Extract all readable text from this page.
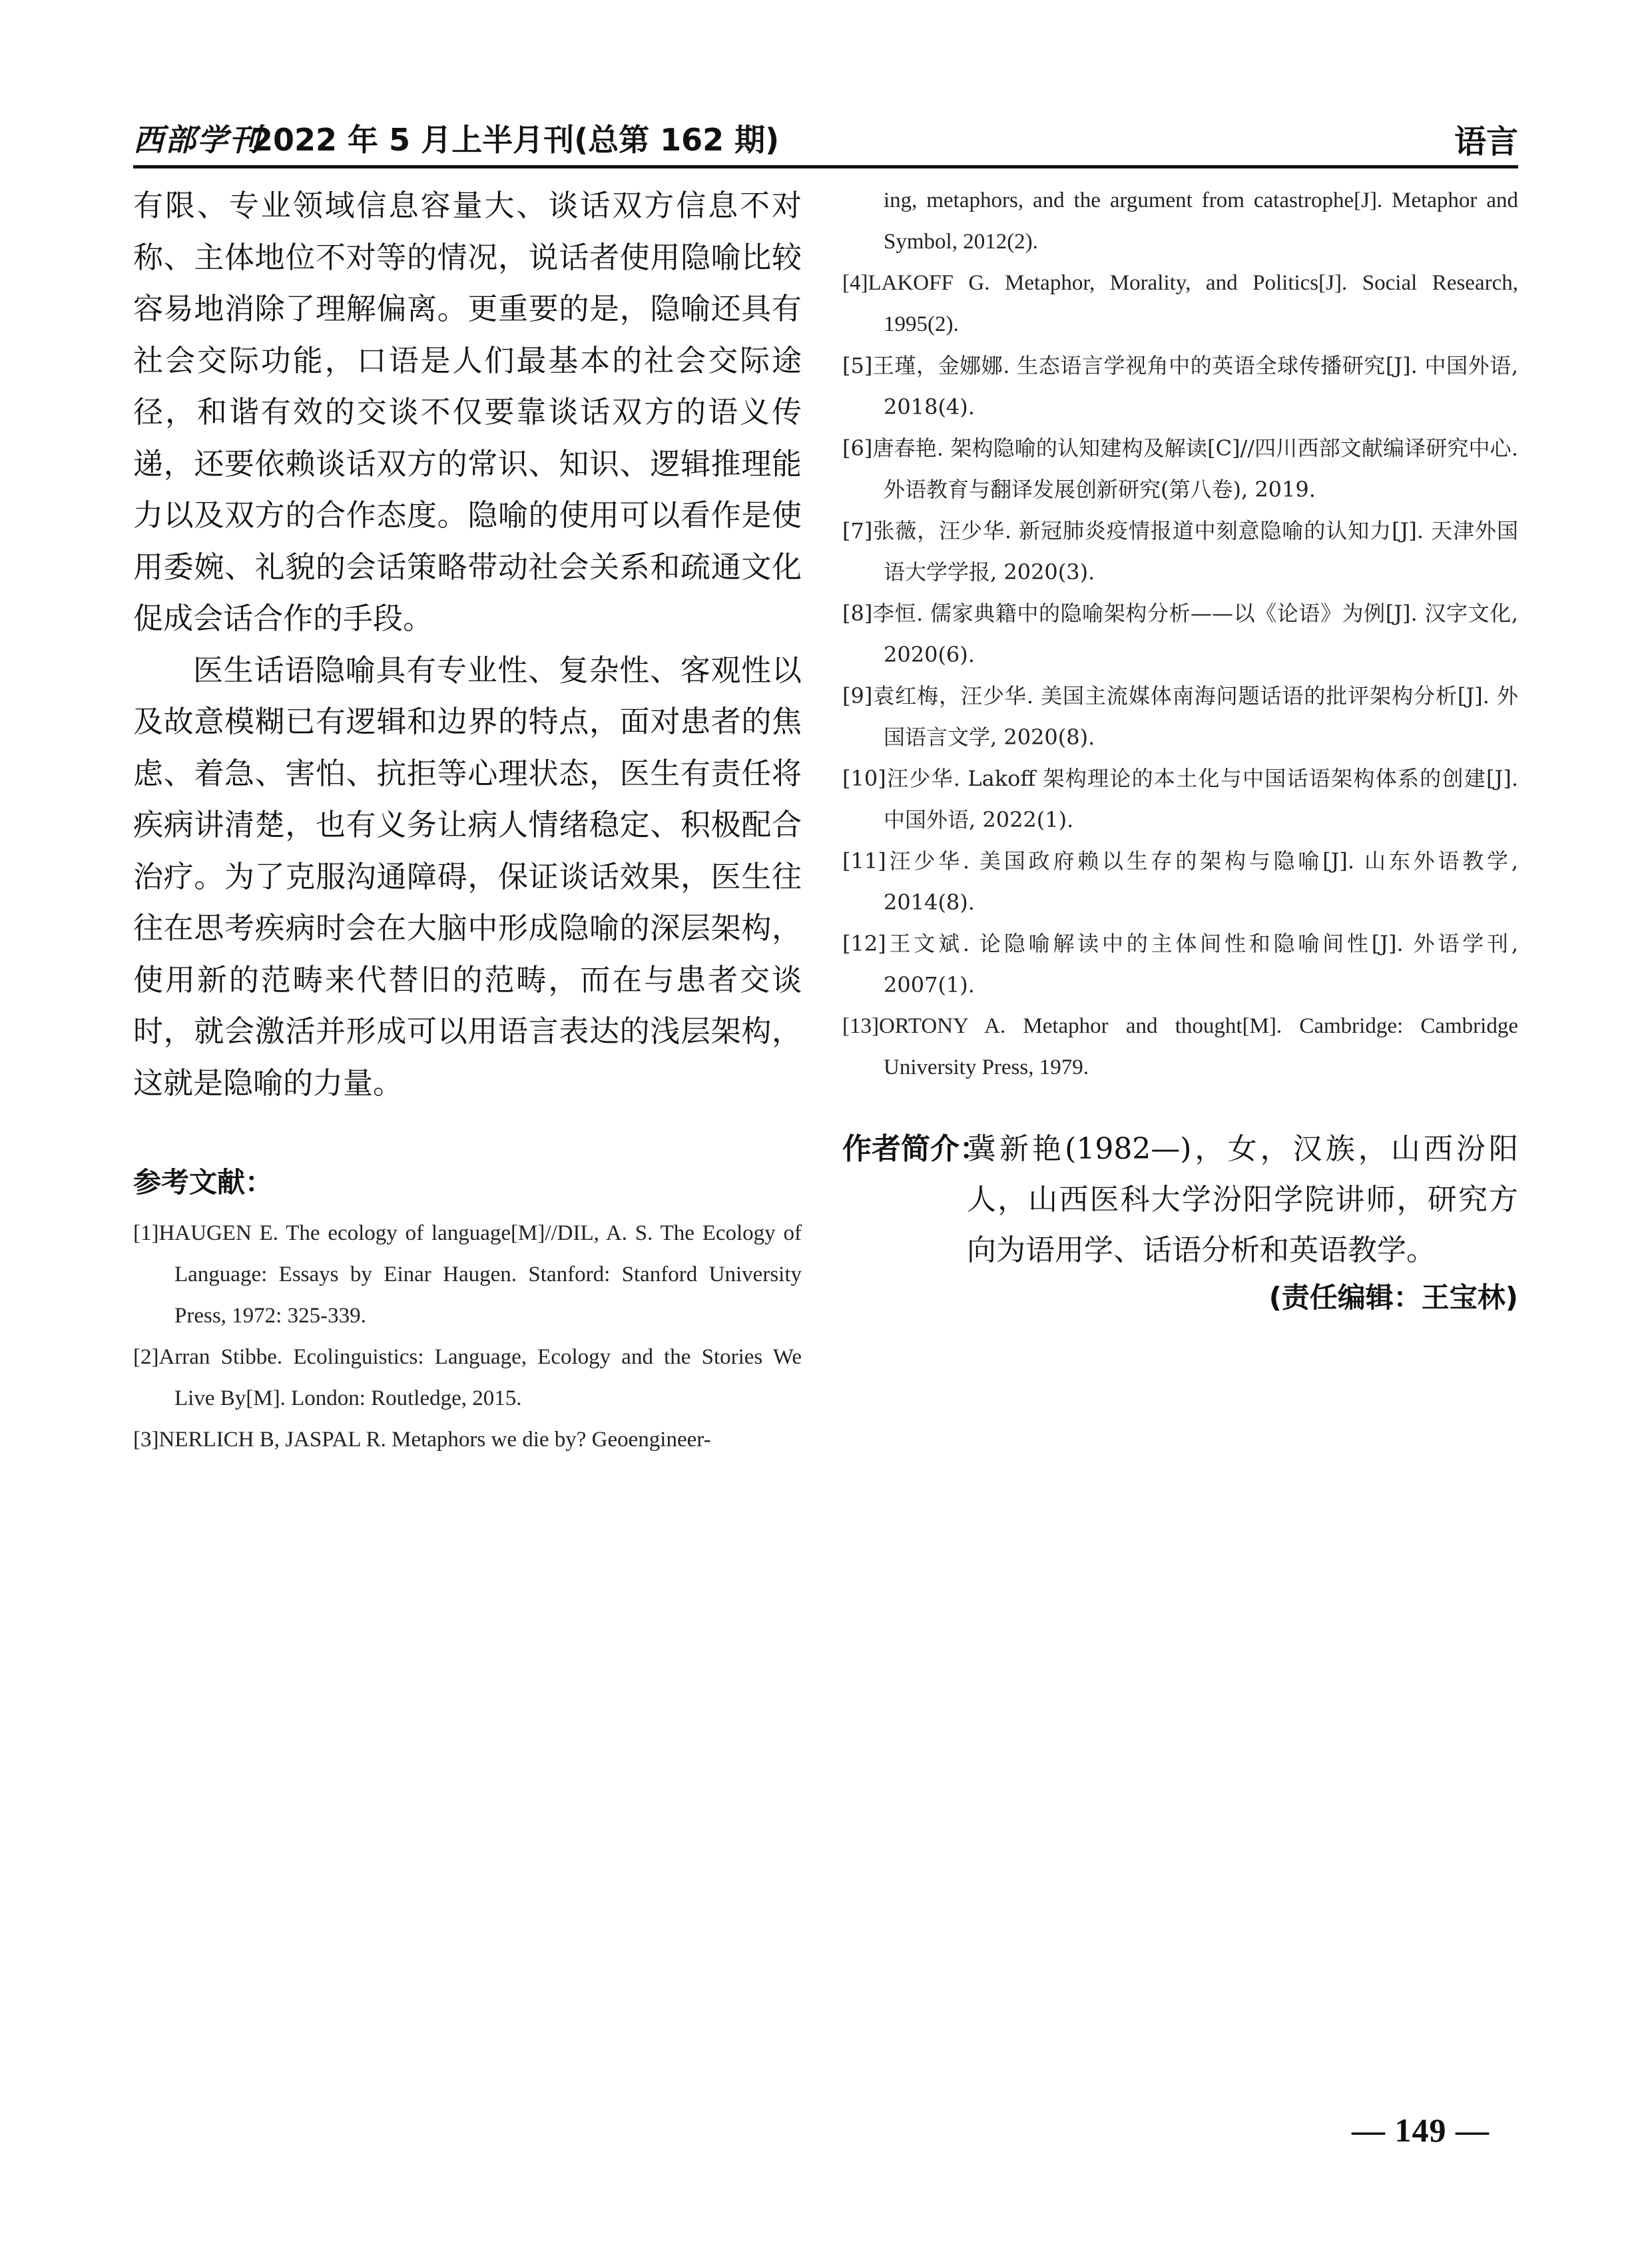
西部学刊
2022 年 5 月上半月刊(总第 162 期)	语言

有限、专业领域信息容量大、谈话双方信息不对称、主体地位不对等的情况，说话者使用隐喻比较容易地消除了理解偏离。更重要的是，隐喻还具有社会交际功能，口语是人们最基本的社会交际途径，和谐有效的交谈不仅要靠谈话双方的语义传递，还要依赖谈话双方的常识、知识、逻辑推理能力以及双方的合作态度。隐喻的使用可以看作是使用委婉、礼貌的会话策略带动社会关系和疏通文化促成会话合作的手段。

医生话语隐喻具有专业性、复杂性、客观性以及故意模糊已有逻辑和边界的特点，面对患者的焦虑、着急、害怕、抗拒等心理状态，医生有责任将疾病讲清楚，也有义务让病人情绪稳定、积极配合治疗。为了克服沟通障碍，保证谈话效果，医生往往在思考疾病时会在大脑中形成隐喻的深层架构，使用新的范畴来代替旧的范畴，而在与患者交谈时，就会激活并形成可以用语言表达的浅层架构，这就是隐喻的力量。

参考文献：

[1]HAUGEN E. The ecology of language[M]//DIL, A. S. The Ecology of Language: Essays by Einar Haugen. Stanford: Stanford University Press, 1972: 325-339.

[2]Arran Stibbe. Ecolinguistics: Language, Ecology and the Stories We Live By[M]. London: Routledge, 2015.

[3]NERLICH B, JASPAL R. Metaphors we die by? Geoengineer-

ing, metaphors, and the argument from catastrophe[J]. Metaphor and Symbol, 2012(2).

[4]LAKOFF G. Metaphor, Morality, and Politics[J]. Social Research, 1995(2).

[5]王瑾，金娜娜. 生态语言学视角中的英语全球传播研究[J]. 中国外语, 2018(4).

[6]唐春艳. 架构隐喻的认知建构及解读[C]//四川西部文献编译研究中心. 外语教育与翻译发展创新研究(第八卷), 2019.

[7]张薇，汪少华. 新冠肺炎疫情报道中刻意隐喻的认知力[J]. 天津外国语大学学报, 2020(3).

[8]李恒. 儒家典籍中的隐喻架构分析——以《论语》为例[J]. 汉字文化, 2020(6).

[9]袁红梅，汪少华. 美国主流媒体南海问题话语的批评架构分析[J]. 外国语言文学, 2020(8).

[10]汪少华. Lakoff 架构理论的本土化与中国话语架构体系的创建[J]. 中国外语, 2022(1).

[11]汪少华. 美国政府赖以生存的架构与隐喻[J]. 山东外语教学, 2014(8).

[12]王文斌. 论隐喻解读中的主体间性和隐喻间性[J]. 外语学刊, 2007(1).

[13]ORTONY A. Metaphor and thought[M]. Cambridge: Cambridge University Press, 1979.

作者简介：

冀新艳(1982—)，女，汉族，山西汾阳人，山西医科大学汾阳学院讲师，研究方向为语用学、话语分析和英语教学。

(责任编辑：王宝林)
— 149 —
